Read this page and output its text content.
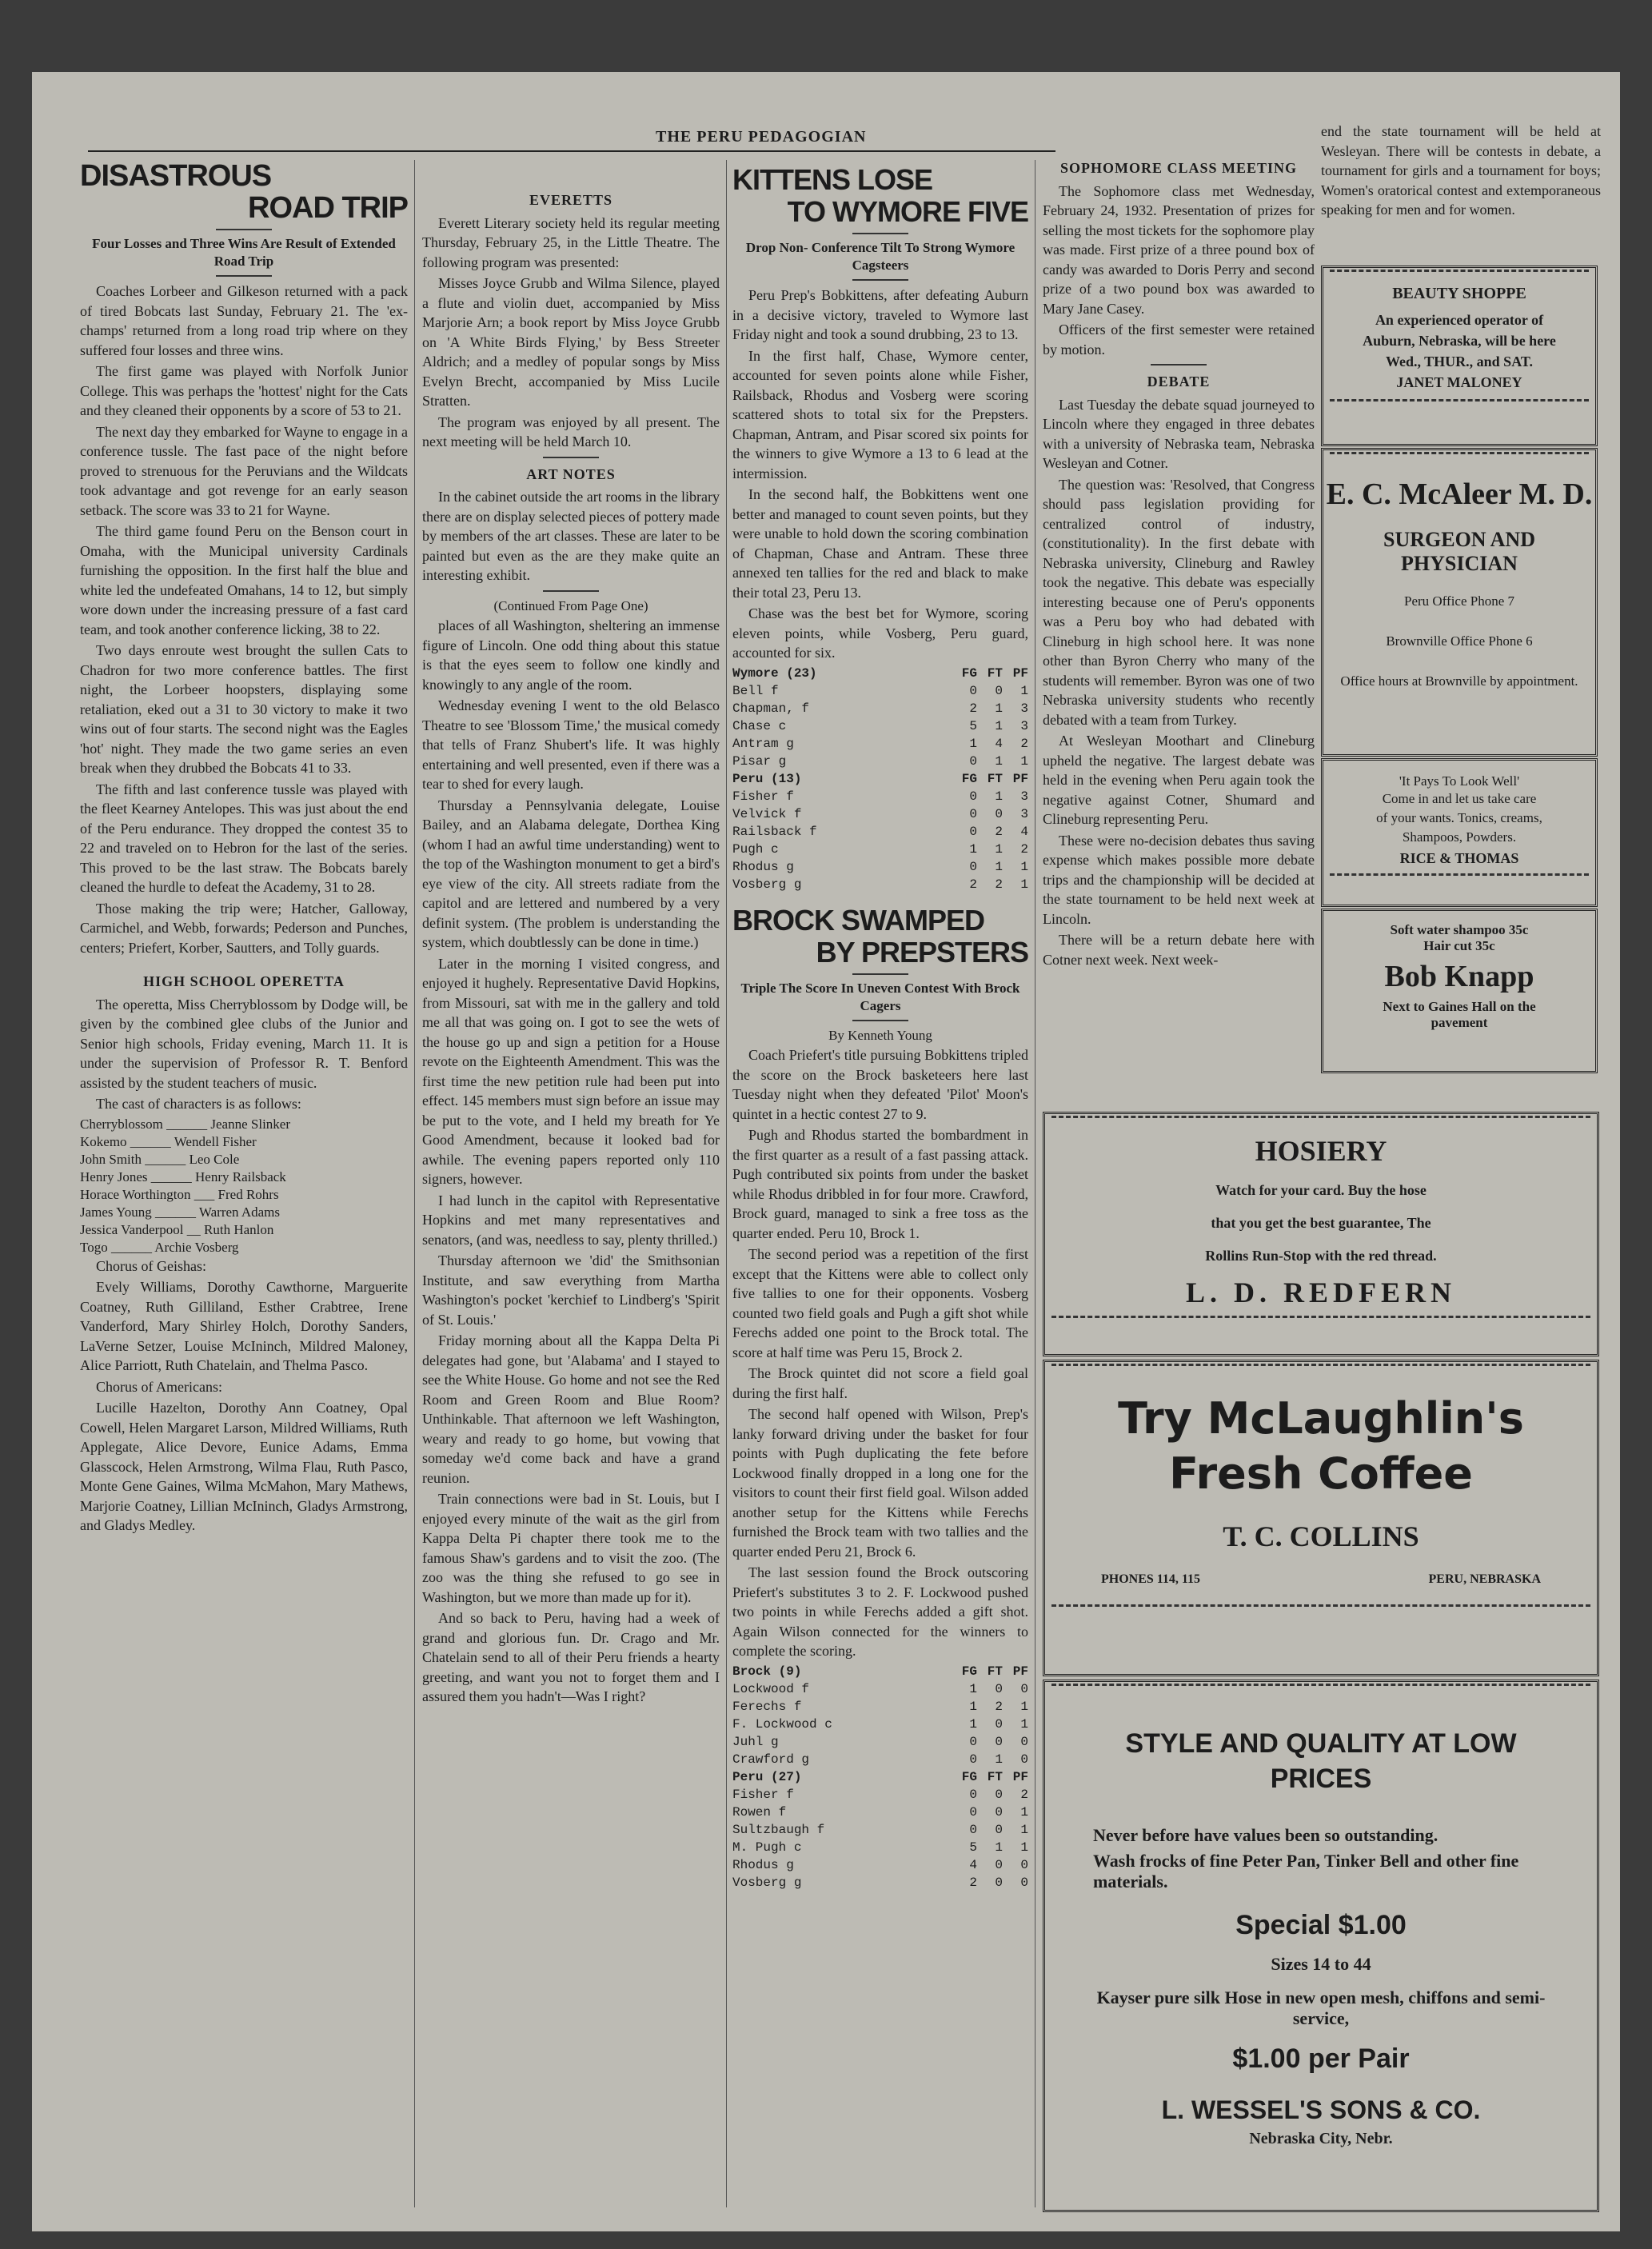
THE PERU PEDAGOGIAN
DISASTROUS
ROAD TRIP
Four Losses and Three Wins Are Result of Extended Road Trip

Coaches Lorbeer and Gilkeson returned with a pack of tired Bobcats last Sunday, February 21. The 'ex-champs' returned from a long road trip where on they suffered four losses and three wins.

The first game was played with Norfolk Junior College. This was perhaps the 'hottest' night for the Cats and they cleaned their opponents by a score of 53 to 21.

The next day they embarked for Wayne to engage in a conference tussle. The fast pace of the night before proved to strenuous for the Peruvians and the Wildcats took advantage and got revenge for an early season setback. The score was 33 to 21 for Wayne.

The third game found Peru on the Benson court in Omaha, with the Municipal university Cardinals furnishing the opposition. In the first half the blue and white led the undefeated Omahans, 14 to 12, but simply wore down under the increasing pressure of a fast card team, and took another conference licking, 38 to 22.

Two days enroute west brought the sullen Cats to Chadron for two more conference battles. The first night, the Lorbeer hoopsters, displaying some retaliation, eked out a 31 to 30 victory to make it two wins out of four starts. The second night was the Eagles 'hot' night. They made the two game series an even break when they drubbed the Bobcats 41 to 33.

The fifth and last conference tussle was played with the fleet Kearney Antelopes. This was just about the end of the Peru endurance. They dropped the contest 35 to 22 and traveled on to Hebron for the last of the series. This proved to be the last straw. The Bobcats barely cleaned the hurdle to defeat the Academy, 31 to 28.

Those making the trip were; Hatcher, Galloway, Carmichel, and Webb, forwards; Pederson and Punches, centers; Priefert, Korber, Sautters, and Tolly guards.

HIGH SCHOOL OPERETTA

The operetta, Miss Cherryblossom by Dodge will, be given by the combined glee clubs of the Junior and Senior high schools, Friday evening, March 11. It is under the supervision of Professor R. T. Benford assisted by the student teachers of music.

The cast of characters is as follows:

Cherryblossom ______ Jeanne Slinker
Kokemo ______ Wendell Fisher
John Smith ______ Leo Cole
Henry Jones ______ Henry Railsback
Horace Worthington ___ Fred Rohrs
James Young ______ Warren Adams
Jessica Vanderpool __ Ruth Hanlon
Togo ______ Archie Vosberg

Chorus of Geishas:

Evely Williams, Dorothy Cawthorne, Marguerite Coatney, Ruth Gilliland, Esther Crabtree, Irene Vanderford, Mary Shirley Holch, Dorothy Sanders, LaVerne Setzer, Louise McIninch, Mildred Maloney, Alice Parriott, Ruth Chatelain, and Thelma Pasco.

Chorus of Americans:

Lucille Hazelton, Dorothy Ann Coatney, Opal Cowell, Helen Margaret Larson, Mildred Williams, Ruth Applegate, Alice Devore, Eunice Adams, Emma Glasscock, Helen Armstrong, Wilma Flau, Ruth Pasco, Monte Gene Gaines, Wilma McMahon, Mary Mathews, Marjorie Coatney, Lillian McIninch, Gladys Armstrong, and Gladys Medley.

EVERETTS

Everett Literary society held its regular meeting Thursday, February 25, in the Little Theatre. The following program was presented:

Misses Joyce Grubb and Wilma Silence, played a flute and violin duet, accompanied by Miss Marjorie Arn; a book report by Miss Joyce Grubb on 'A White Birds Flying,' by Bess Streeter Aldrich; and a medley of popular songs by Miss Evelyn Brecht, accompanied by Miss Lucile Stratten.

The program was enjoyed by all present. The next meeting will be held March 10.

ART NOTES

In the cabinet outside the art rooms in the library there are on display selected pieces of pottery made by members of the art classes. These are later to be painted but even as the are they make quite an interesting exhibit.

(Continued From Page One)

places of all Washington, sheltering an immense figure of Lincoln. One odd thing about this statue is that the eyes seem to follow one kindly and knowingly to any angle of the room.

Wednesday evening I went to the old Belasco Theatre to see 'Blossom Time,' the musical comedy that tells of Franz Shubert's life. It was highly entertaining and well presented, even if there was a tear to shed for every laugh.

Thursday a Pennsylvania delegate, Louise Bailey, and an Alabama delegate, Dorthea King (whom I had an awful time understanding) went to the top of the Washington monument to get a bird's eye view of the city. All streets radiate from the capitol and are lettered and numbered by a very definit system. (The problem is understanding the system, which doubtlessly can be done in time.)

Later in the morning I visited congress, and enjoyed it hughely. Representative David Hopkins, from Missouri, sat with me in the gallery and told me all that was going on. I got to see the wets of the house go up and sign a petition for a House revote on the Eighteenth Amendment. This was the first time the new petition rule had been put into effect. 145 members must sign before an issue may be put to the vote, and I held my breath for Ye Good Amendment, because it looked bad for awhile. The evening papers reported only 110 signers, however.

I had lunch in the capitol with Representative Hopkins and met many representatives and senators, (and was, needless to say, plenty thrilled.)

Thursday afternoon we 'did' the Smithsonian Institute, and saw everything from Martha Washington's pocket 'kerchief to Lindberg's 'Spirit of St. Louis.'

Friday morning about all the Kappa Delta Pi delegates had gone, but 'Alabama' and I stayed to see the White House. Go home and not see the Red Room and Green Room and Blue Room? Unthinkable. That afternoon we left Washington, weary and ready to go home, but vowing that someday we'd come back and have a grand reunion.

Train connections were bad in St. Louis, but I enjoyed every minute of the wait as the girl from Kappa Delta Pi chapter there took me to the famous Shaw's gardens and to visit the zoo. (The zoo was the thing she refused to go see in Washington, but we more than made up for it).

And so back to Peru, having had a week of grand and glorious fun. Dr. Crago and Mr. Chatelain send to all of their Peru friends a hearty greeting, and want you not to forget them and I assured them you hadn't—Was I right?

KITTENS LOSE
TO WYMORE FIVE
Drop Non- Conference Tilt To Strong Wymore Cagsteers

Peru Prep's Bobkittens, after defeating Auburn in a decisive victory, traveled to Wymore last Friday night and took a sound drubbing, 23 to 13.

In the first half, Chase, Wymore center, accounted for seven points alone while Fisher, Railsback, Rhodus and Vosberg were scoring scattered shots to total six for the Prepsters. Chapman, Antram, and Pisar scored six points for the winners to give Wymore a 13 to 6 lead at the intermission.

In the second half, the Bobkittens went one better and managed to count seven points, but they were unable to hold down the scoring combination of Chapman, Chase and Antram. These three annexed ten tallies for the red and black to make their total 23, Peru 13.

Chase was the best bet for Wymore, scoring eleven points, while Vosberg, Peru guard, accounted for six.

Wymore (23)	FG	FT	PF
Bell f	0	0	1
Chapman, f	2	1	3
Chase c	5	1	3
Antram g	1	4	2
Pisar g	0	1	1
Peru (13)	FG	FT	PF
Fisher f	0	1	3
Velvick f	0	0	3
Railsback f	0	2	4
Pugh c	1	1	2
Rhodus g	0	1	1
Vosberg g	2	2	1
BROCK SWAMPED
BY PREPSTERS
Triple The Score In Uneven Contest With Brock Cagers
By Kenneth Young

Coach Priefert's title pursuing Bobkittens tripled the score on the Brock basketeers here last Tuesday night when they defeated 'Pilot' Moon's quintet in a hectic contest 27 to 9.

Pugh and Rhodus started the bombardment in the first quarter as a result of a fast passing attack. Pugh contributed six points from under the basket while Rhodus dribbled in for four more. Crawford, Brock guard, managed to sink a free toss as the quarter ended. Peru 10, Brock 1.

The second period was a repetition of the first except that the Kittens were able to collect only five tallies to one for their opponents. Vosberg counted two field goals and Pugh a gift shot while Ferechs added one point to the Brock total. The score at half time was Peru 15, Brock 2.

The Brock quintet did not score a field goal during the first half.

The second half opened with Wilson, Prep's lanky forward driving under the basket for four points with Pugh duplicating the fete before Lockwood finally dropped in a long one for the visitors to count their first field goal. Wilson added another setup for the Kittens while Ferechs furnished the Brock team with two tallies and the quarter ended Peru 21, Brock 6.

The last session found the Brock outscoring Priefert's substitutes 3 to 2. F. Lockwood pushed two points in while Ferechs added a gift shot. Again Wilson connected for the winners to complete the scoring.

Brock (9)	FG	FT	PF
Lockwood f	1	0	0
Ferechs f	1	2	1
F. Lockwood c	1	0	1
Juhl g	0	0	0
Crawford g	0	1	0
Peru (27)	FG	FT	PF
Fisher f	0	0	2
Rowen f	0	0	1
Sultzbaugh f	0	0	1
M. Pugh c	5	1	1
Rhodus g	4	0	0
Vosberg g	2	0	0
SOPHOMORE CLASS MEETING

The Sophomore class met Wednesday, February 24, 1932. Presentation of prizes for selling the most tickets for the sophomore play was made. First prize of a three pound box of candy was awarded to Doris Perry and second prize of a two pound box was awarded to Mary Jane Casey.

Officers of the first semester were retained by motion.

DEBATE

Last Tuesday the debate squad journeyed to Lincoln where they engaged in three debates with a university of Nebraska team, Nebraska Wesleyan and Cotner.

The question was: 'Resolved, that Congress should pass legislation providing for centralized control of industry, (constitutionality). In the first debate with Nebraska university, Clineburg and Rawley took the negative. This debate was especially interesting because one of Peru's opponents was a Peru boy who had debated with Clineburg in high school here. It was none other than Byron Cherry who many of the students will remember. Byron was one of two Nebraska university students who recently debated with a team from Turkey.

At Wesleyan Moothart and Clineburg upheld the negative. The largest debate was held in the evening when Peru again took the negative against Cotner, Shumard and Clineburg representing Peru.

These were no-decision debates thus saving expense which makes possible more debate trips and the championship will be decided at the state tournament to be held next week at Lincoln.

There will be a return debate here with Cotner next week. Next week-

end the state tournament will be held at Wesleyan. There will be contests in debate, a tournament for girls and a tournament for boys; Women's oratorical contest and extemporaneous speaking for men and for women.

BEAUTY SHOPPE
An experienced operator of
Auburn, Nebraska, will be here
Wed., THUR., and SAT.
JANET MALONEY
E. C. McAleer M. D.
SURGEON AND
PHYSICIAN
Peru Office Phone 7
Brownville Office Phone 6
Office hours at Brownville by appointment.
'It Pays To Look Well'
Come in and let us take care
of your wants. Tonics, creams,
Shampoos, Powders.
RICE & THOMAS
Soft water shampoo 35c
Hair cut 35c
Bob Knapp
Next to Gaines Hall on the
pavement
HOSIERY
Watch for your card. Buy the hose
that you get the best guarantee, The
Rollins Run-Stop with the red thread.
L. D. REDFERN
Try McLaughlin's
Fresh Coffee
T. C. COLLINS
PHONES 114, 115	PERU, NEBRASKA
STYLE AND QUALITY AT LOW PRICES
Never before have values been so outstanding.
Wash frocks of fine Peter Pan, Tinker Bell and other fine materials.
Special $1.00
Sizes 14 to 44
Kayser pure silk Hose in new open mesh, chiffons and semi-service,
$1.00 per Pair
L. WESSEL'S SONS & CO.
Nebraska City, Nebr.
